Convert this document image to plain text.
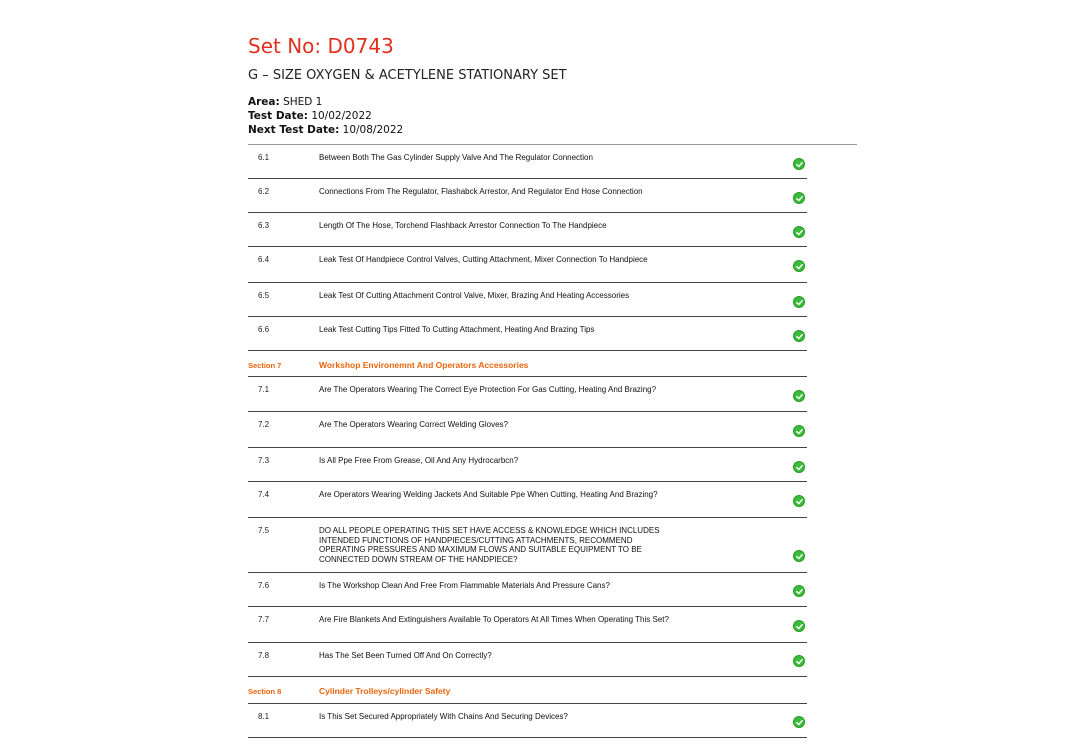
Set No: D0743
G – SIZE OXYGEN & ACETYLENE STATIONARY SET
Area: SHED 1
Test Date: 10/02/2022
Next Test Date: 10/08/2022
6.1	Between Both The Gas Cylinder Supply Valve And The Regulator Connection
6.2	Connections From The Regulator, Flashabck Arrestor, And Regulator End Hose Connection
6.3	Length Of The Hose, Torchend Flashback Arrestor Connection To The Handpiece
6.4	Leak Test Of Handpiece Control Valves, Cutting Attachment, Mixer Connection To Handpiece
6.5	Leak Test Of Cutting Attachment Control Valve, Mixer, Brazing And Heating Accessories
6.6	Leak Test Cutting Tips Fitted To Cutting Attachment, Heating And Brazing Tips
Section 7	Workshop Environemnt And Operators Accessories
7.1	Are The Operators Wearing The Correct Eye Protection For Gas Cutting, Heating And Brazing?
7.2	Are The Operators Wearing Correct Welding Gloves?
7.3	Is All Ppe Free From Grease, Oil And Any Hydrocarbcn?
7.4	Are Operators Wearing Welding Jackets And Suitable Ppe When Cutting, Heating And Brazing?
7.5	DO ALL PEOPLE OPERATING THIS SET HAVE ACCESS & KNOWLEDGE WHICH INCLUDES INTENDED FUNCTIONS OF HANDPIECES/CUTTING ATTACHMENTS, RECOMMEND OPERATING PRESSURES AND MAXIMUM FLOWS AND SUITABLE EQUIPMENT TO BE CONNECTED DOWN STREAM OF THE HANDPIECE?
7.6	Is The Workshop Clean And Free From Flammable Materials And Pressure Cans?
7.7	Are Fire Blankets And Extinguishers Available To Operators At All Times When Operating This Set?
7.8	Has The Set Been Turned Off And On Correctly?
Section 8	Cylinder Trolleys/cylinder Safety
8.1	Is This Set Secured Appropriately With Chains And Securing Devices?
